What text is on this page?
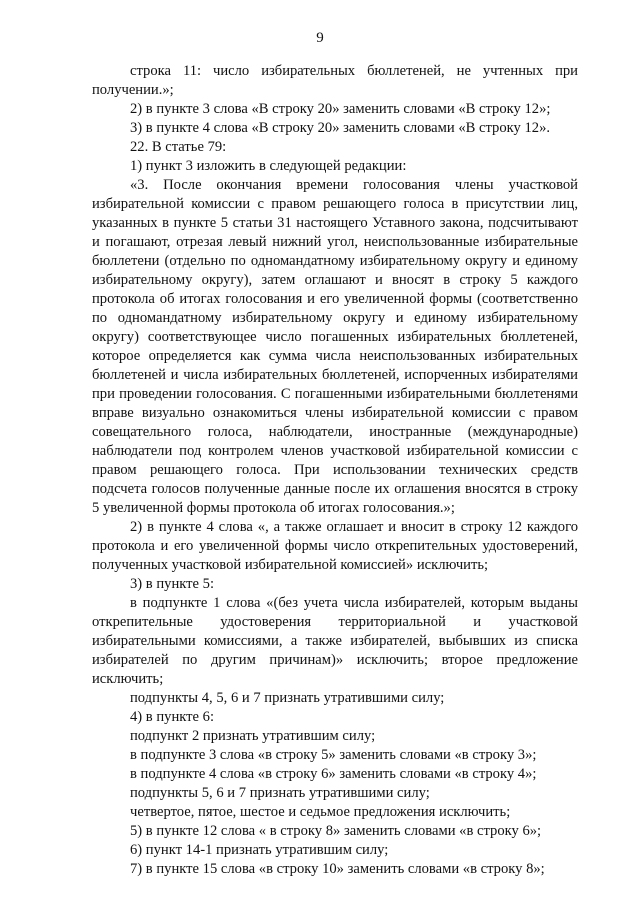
9
строка 11: число избирательных бюллетеней, не учтенных при
получении.»;
2) в пункте 3 слова «В строку 20» заменить словами «В строку 12»;
3) в пункте 4 слова «В строку 20» заменить словами «В строку 12».
22. В статье 79:
1) пункт 3 изложить в следующей редакции:
«3. После окончания времени голосования члены участковой
избирательной комиссии с правом решающего голоса в присутствии лиц,
указанных в пункте 5 статьи 31 настоящего Уставного закона, подсчитывают
и погашают, отрезая левый нижний угол, неиспользованные избирательные
бюллетени (отдельно по одномандатному избирательному округу и единому
избирательному округу), затем оглашают и вносят в строку 5 каждого
протокола об итогах голосования и его увеличенной формы (соответственно
по одномандатному избирательному округу и единому избирательному
округу) соответствующее число погашенных избирательных бюллетеней,
которое определяется как сумма числа неиспользованных избирательных
бюллетеней и числа избирательных бюллетеней, испорченных избирателями
при проведении голосования. С погашенными избирательными бюллетенями
вправе визуально ознакомиться члены избирательной комиссии с правом
совещательного голоса, наблюдатели, иностранные (международные)
наблюдатели под контролем членов участковой избирательной комиссии с
правом решающего голоса. При использовании технических средств
подсчета голосов полученные данные после их оглашения вносятся в строку
5 увеличенной формы протокола об итогах голосования.»;
2) в пункте 4 слова «, а также оглашает и вносит в строку 12 каждого
протокола и его увеличенной формы число открепительных удостоверений,
полученных участковой избирательной комиссией» исключить;
3) в пункте 5:
в подпункте 1 слова «(без учета числа избирателей, которым выданы
открепительные удостоверения территориальной и участковой
избирательными комиссиями, а также избирателей, выбывших из списка
избирателей по другим причинам)» исключить; второе предложение
исключить;
подпункты 4, 5, 6 и 7 признать утратившими силу;
4) в пункте 6:
подпункт 2 признать утратившим силу;
в подпункте 3 слова «в строку 5» заменить словами «в строку 3»;
в подпункте 4 слова «в строку 6» заменить словами «в строку 4»;
подпункты 5, 6 и 7 признать утратившими силу;
четвертое, пятое, шестое и седьмое предложения исключить;
5) в пункте 12 слова « в строку 8» заменить словами «в строку 6»;
6) пункт 14-1 признать утратившим силу;
7) в пункте 15 слова «в строку 10» заменить словами «в строку 8»;
